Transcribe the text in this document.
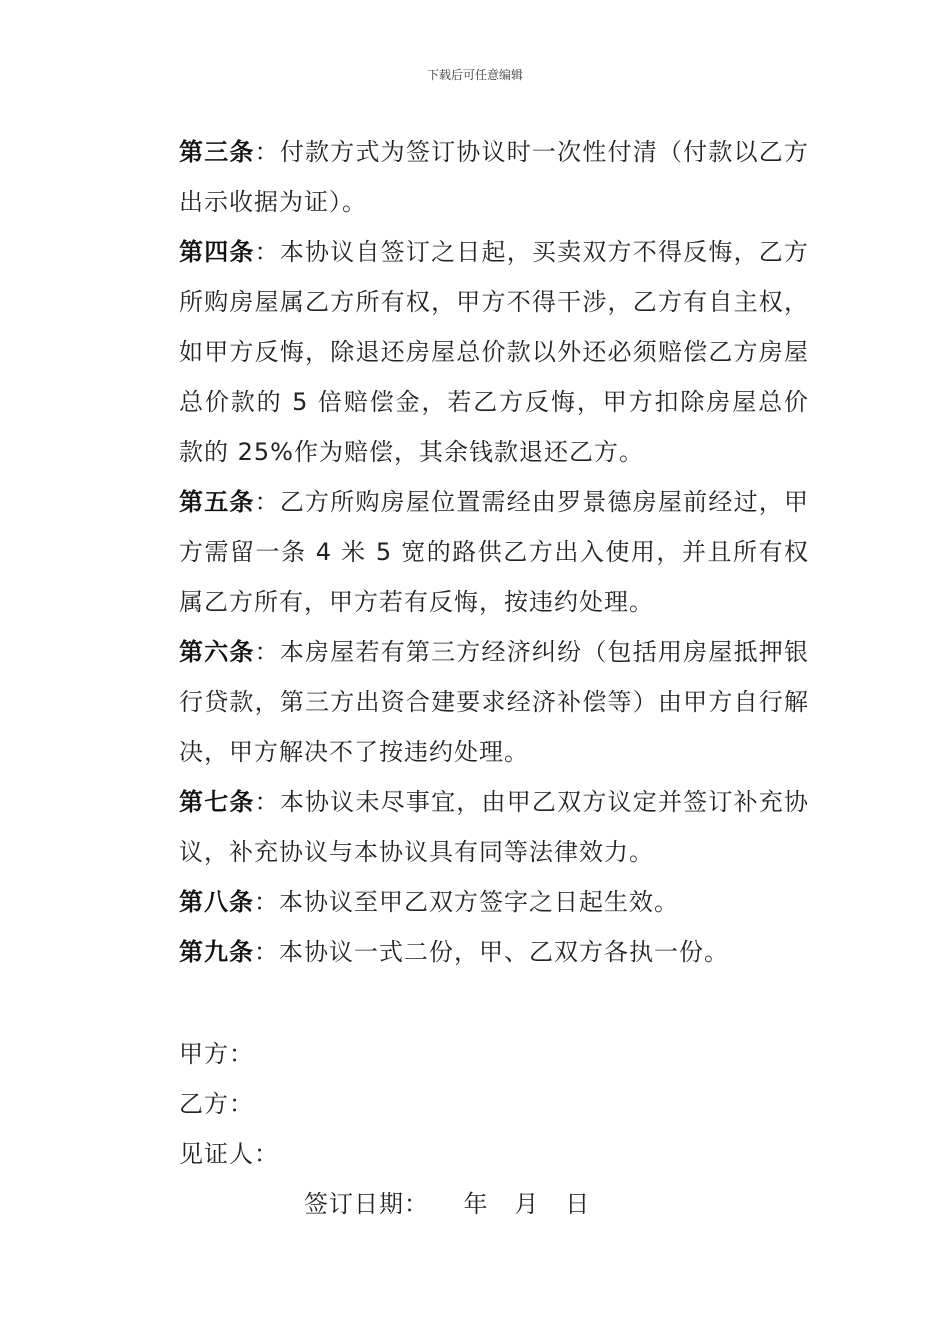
下载后可任意编辑

第三条：付款方式为签订协议时一次性付清（付款以乙方出示收据为证）。

第四条：本协议自签订之日起，买卖双方不得反悔，乙方所购房屋属乙方所有权，甲方不得干涉，乙方有自主权，如甲方反悔，除退还房屋总价款以外还必须赔偿乙方房屋总价款的 5 倍赔偿金，若乙方反悔，甲方扣除房屋总价款的 25%作为赔偿，其余钱款退还乙方。

第五条：乙方所购房屋位置需经由罗景德房屋前经过，甲方需留一条 4 米 5 宽的路供乙方出入使用，并且所有权属乙方所有，甲方若有反悔，按违约处理。

第六条：本房屋若有第三方经济纠纷（包括用房屋抵押银行贷款，第三方出资合建要求经济补偿等）由甲方自行解决，甲方解决不了按违约处理。

第七条：本协议未尽事宜，由甲乙双方议定并签订补充协议，补充协议与本协议具有同等法律效力。

第八条：本协议至甲乙双方签字之日起生效。

第九条：本协议一式二份，甲、乙双方各执一份。

甲方：
乙方：
见证人：
签订日期：    年   月   日
